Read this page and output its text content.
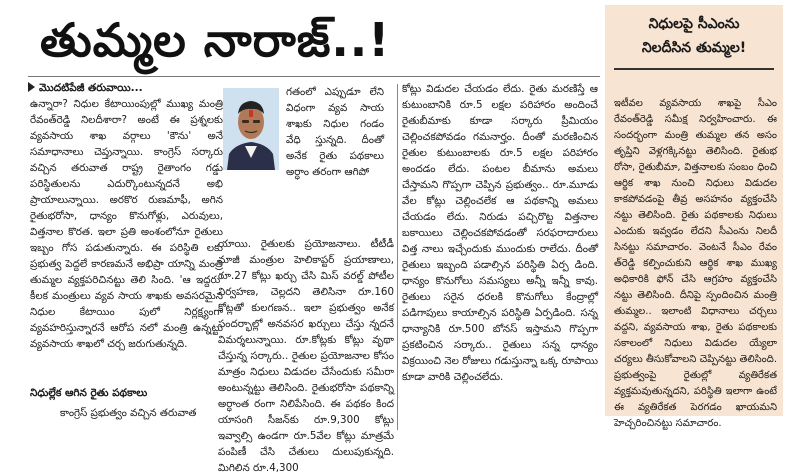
తుమ్మల నారాజ్‌..!
మొదటిపేజీ తరువాయి...
ఉన్నారా? నిధుల కేటాయింపుల్లో ముఖ్య మంత్రి రేవంత్‌రెడ్డి నిలదీశారా? అంటే ఈ ప్రశ్నలకు వ్యవసాయ శాఖ వర్గాలు 'కౌను' అనే సమాధానాలు చెప్తున్నాయి. కాంగ్రెస్ సర్కారు వచ్చిన తరువాత రాష్ట్ర రైతాంగం గడ్డు పరిస్థితులను ఎదుర్కొంటున్నదనే అభి ప్రాయాలున్నాయి. అరకొర రుణమాఫీ, అగిన రైతుభరోసా, ధాన్యం కొనుగోళ్లు, ఎరువులు, విత్తనాల కొరత. ఇలా ప్రతి అంశంలోనూ రైతులు ఇబ్బం గోస పడుతున్నారు. ఈ పరిస్థితి లకు ప్రభుత్వ పెద్దలే కారణమనే అభిప్రా యాన్ని మంత్రి తుమ్మల వ్యక్తపరిచినట్టు తెలి సింది. 'ఆ ఇద్దరు' కీలక మంత్రులు వ్యవ సాయ శాఖకు అవసరమైన నిధుల కేటాయిం పులో నిర్లక్ష్యంగా వ్యవహరిస్తున్నారనే ఆరోప నలో మంత్రి ఉన్నట్టు వ్యవసాయ శాఖలో చర్చ జరుగుతున్నది.
గతంలో ఎప్పుడూ లేని విధంగా వ్యవ సాయ శాఖకు నిధుల గండం వేధి స్తున్నది. దీంతో అనేక రైతు పథకాలు అర్ధాం తరంగా ఆగిపో
యాయి. రైతులకు ప్రయోజనాలు. టీటీడీ మాజీ మంత్రుల హెలికాప్టర్ ప్రయాణాలు, రూ.27 కోట్లు ఖర్చు చేసి మిస్ వరల్డ్ పోటీల నిర్వహణ, చెల్లదని తెలిసినా రూ.160 కోట్లతో కులగణన.. ఇలా ప్రభుత్వం అనేక సందర్భాల్లో అనవసర ఖర్చులు చేస్తు న్నదనే విమర్శలున్నాయి. రూ.కోట్లకు కోట్లు వృథా చేస్తున్న సర్కారు.. రైతుల ప్రయోజనాల కోసం మాత్రం నిధులు విడుదల చేసేందుకు సమీరా అంటున్నట్టు తెలిసింది. రైతుభరోసా పథకాన్ని అర్ధాంత రంగా నిలిపేసింది. ఈ పథకం కింద యాసంగి సీజన్‌కు రూ.9,300 కోట్లు ఇవ్వాల్సి ఉండగా రూ.5వేల కోట్లు మాత్రమే పంపిణీ చేసి చేతులు దులుపుకున్నది. మిగిలిన రూ.4,300
కోట్లు విడుదల చేయడం లేదు. రైతు మరణిస్తే ఆ కుటుంబానికి రూ.5 లక్షల పరిహారం అందించే రైతుబీమాకు కూడా సర్కారు ప్రీమియం చెల్లించకపోవడం గమనార్హం. దీంతో మరణించిన రైతుల కుటుంబాలకు రూ.5 లక్షల పరిహారం అందడం లేదు. పంటల బీమాను అమలు చేస్తామని గొప్పగా చెప్పిన ప్రభుత్వం.. రూ.మూడు వేల కోట్లు చెల్లించలేక ఆ పథకాన్ని అమలు చేయడం లేదు. నిరుడు పచ్చిరొట్ట విత్తనాల బకాయిలు చెల్లించకపోవడంతో సరఫరాదారులు విత్త నాలు ఇచ్చేందుకు ముందుకు రాలేదు. దీంతో రైతులు ఇబ్బంది పడాల్సిన పరిస్థితి ఏర్ప డింది. ధాన్యం కొనుగోలు సమస్యలు అన్నీ ఇన్నీ కావు. రైతులు సరైన ధరలకి కొనుగోలు కేంద్రాల్లో పడిగాపులు కాయాల్సిన పరిస్థితి ఏర్పడింది. సన్న ధాన్యానికి రూ.500 బోనస్ ఇస్తామని గొప్పగా ప్రకటించిన సర్కారు.. రైతులు సన్న ధాన్యం విక్రయించి నెల రోజులు గడుస్తున్నా ఒక్క రూపాయి కూడా వారికి చెల్లించలేదు.
నిధుల్లేక ఆగిన రైతు పథకాలు
కాంగ్రెస్ ప్రభుత్వం వచ్చిన తరువాత
నిధులపై సీఎంను
నిలదీసిన తుమ్మల!
ఇటీవల వ్యవసాయ శాఖపై సీఎం రేవంత్‌రెడ్డి సమీక్ష నిర్వహించారు. ఈ సందర్భంగా మంత్రి తుమ్మల తన అసం తృప్తిని వెళ్లగక్కినట్టు తెలిసింది. రైతుభ రోసా, రైతుబీమా, విత్తనాలకు సంబం ధించి ఆర్థిక శాఖ నుంచి నిధులు విడుదల కాకపోవడంపై తీవ్ర అసహనం వ్యక్తంచేసి నట్టు తెలిసింది. రైతు పథకాలకు నిధులు ఎందుకు ఇవ్వడం లేదని సీఎంను నిలదీ సినట్టు సమాచారం. వెంటనే సీఎం రేవం త్‌రెడ్డి కల్పించుకుని ఆర్థిక శాఖ ముఖ్య అధికారికి ఫోన్ చేసి ఆగ్రహం వ్యక్తంచేసి నట్టు తెలిసింది. దీనిపై స్పందించిన మంత్రి తుమ్మల.. ఇలాంటి విధానాలు చర్చలు వద్దని, వ్యవసాయ శాఖ, రైతు పథకాలకు సకాలంలో నిధులు విడుదల య్యేలా చర్యలు తీసుకోవాలని చెప్పినట్టు తెలిసింది. ప్రభుత్వంపై రైతుల్లో వ్యతిరేకత వ్యక్తమవుతున్నదని, పరిస్థితి ఇలాగా ఉంటే ఈ వ్యతిరేకత పెరగడం ఖాయమని హెచ్చరించినట్టు సమాచారం.
